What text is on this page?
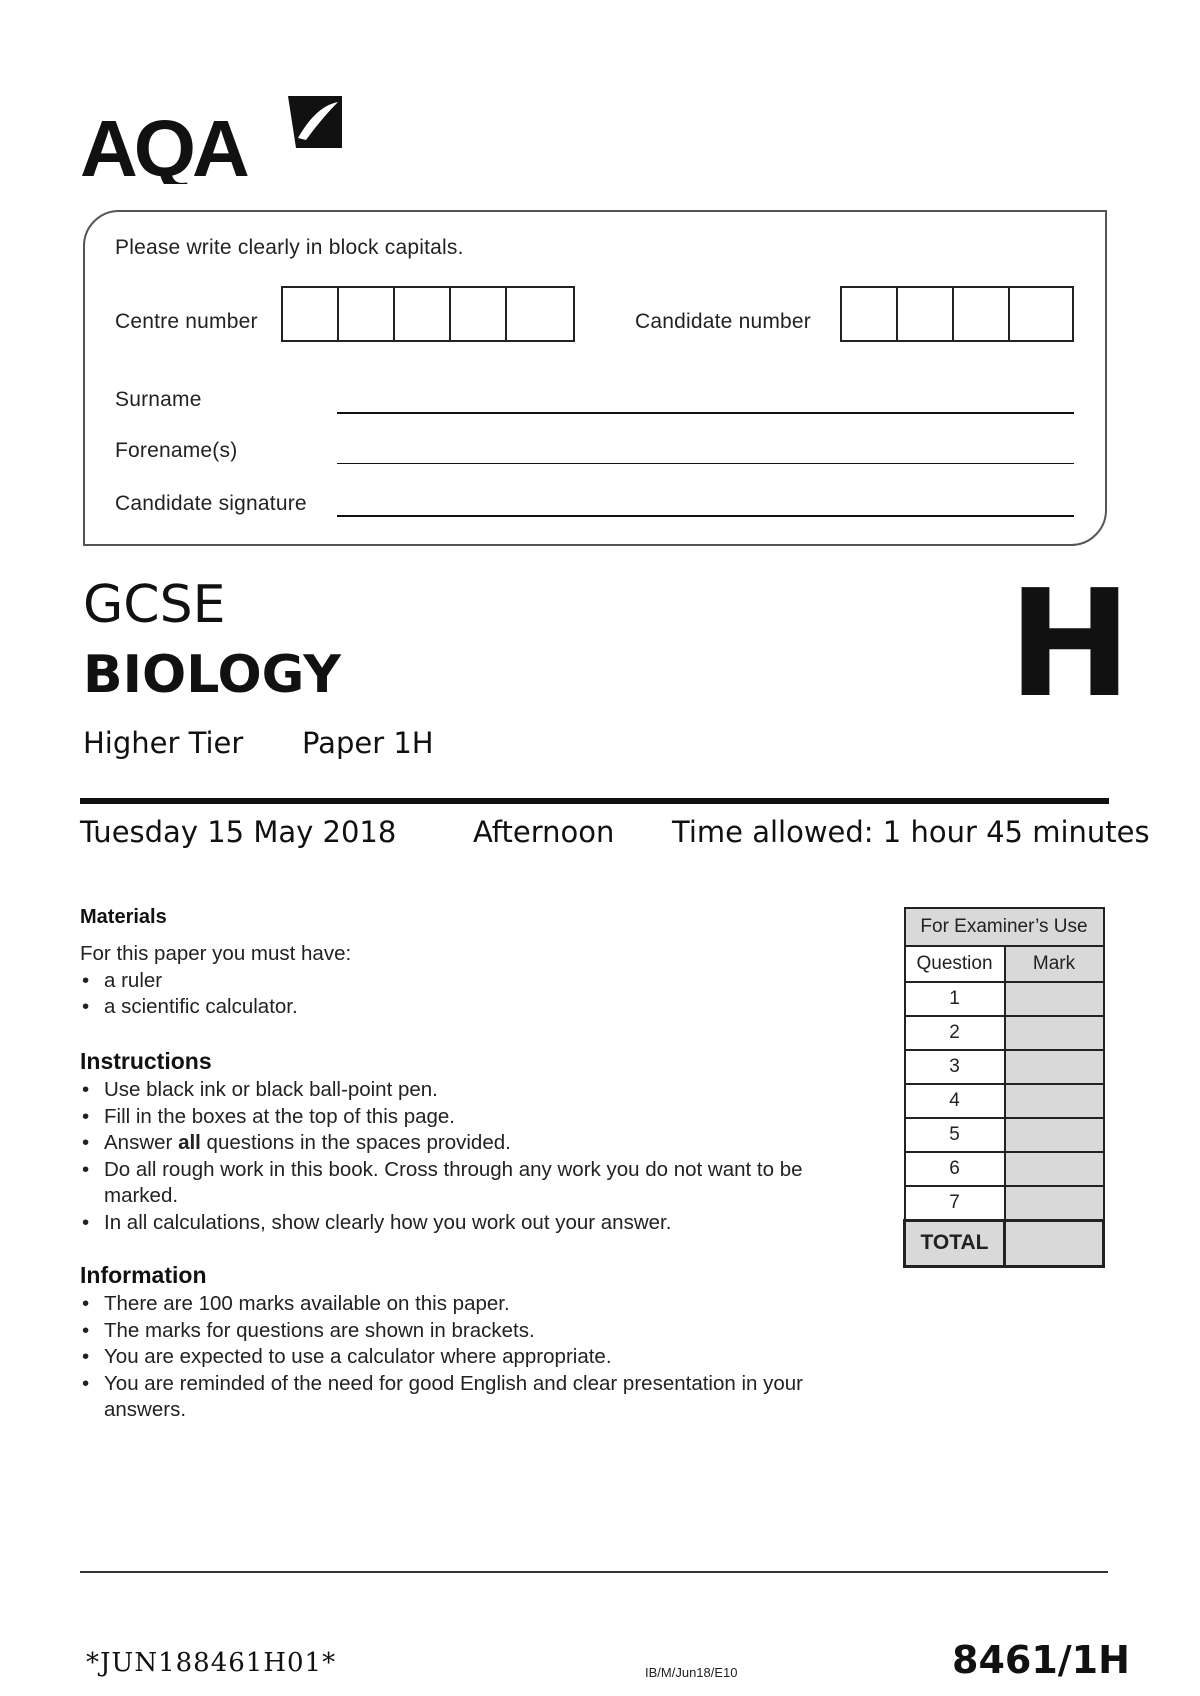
AQA
Please write clearly in block capitals.
Centre number	Candidate number
Surname
Forename(s)
Candidate signature
GCSE
BIOLOGY	H
Higher Tier Paper 1H
Tuesday 15 May 2018	Afternoon Time allowed: 1 hour 45 minutes
Materials
For this paper you must have:
• a ruler
• a scientific calculator.
Instructions
• Use black ink or black ball-point pen.
• Fill in the boxes at the top of this page.
• Answer all questions in the spaces provided.
• Do all rough work in this book. Cross through any work you do not want to be marked.
• In all calculations, show clearly how you work out your answer.
Information
• There are 100 marks available on this paper.
• The marks for questions are shown in brackets.
• You are expected to use a calculator where appropriate.
• You are reminded of the need for good English and clear presentation in your answers.
For Examiner’s Use	
Question	Mark
1	
2	
3	
4	
5	
6	
7	
TOTAL	
*JUN188461H01*	IB/M/Jun18/E10	8461/1H
